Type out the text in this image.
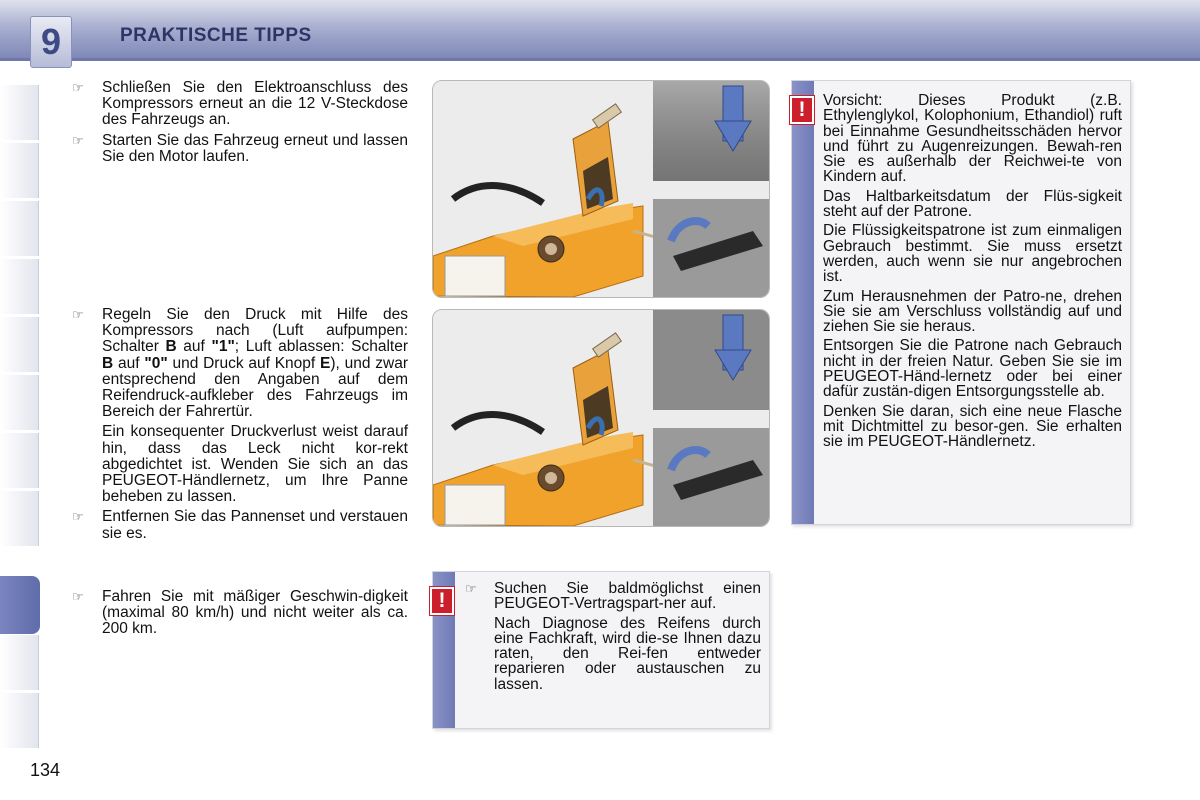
9	PRAKTISCHE TIPPS
☞ Schließen Sie den Elektroanschluss des Kompressors erneut an die 12 V-Steckdose des Fahrzeugs an.
☞ Starten Sie das Fahrzeug erneut und lassen Sie den Motor laufen.
☞ Regeln Sie den Druck mit Hilfe des Kompressors nach (Luft aufpumpen: Schalter B auf "1"; Luft ablassen: Schalter B auf "0" und Druck auf Knopf E), und zwar entsprechend den Angaben auf dem Reifendruck-aufkleber des Fahrzeugs im Bereich der Fahrertür.
Ein konsequenter Druckverlust weist darauf hin, dass das Leck nicht kor-rekt abgedichtet ist. Wenden Sie sich an das PEUGEOT-Händlernetz, um Ihre Panne beheben zu lassen.
☞ Entfernen Sie das Pannenset und verstauen sie es.
☞ Fahren Sie mit mäßiger Geschwin-digkeit (maximal 80 km/h) und nicht weiter als ca. 200 km.
!
☞ Suchen Sie baldmöglichst einen PEUGEOT-Vertragspart-ner auf.

Nach Diagnose des Reifens durch eine Fachkraft, wird die-se Ihnen dazu raten, den Rei-fen entweder reparieren oder austauschen zu lassen.

!	Vorsicht: Dieses Produkt (z.B. Ethylenglykol, Kolophonium, Ethandiol) ruft bei Einnahme Gesundheitsschäden hervor und führt zu Augenreizungen. Bewah-ren Sie es außerhalb der Reichwei-te von Kindern auf.

Das Haltbarkeitsdatum der Flüs-sigkeit steht auf der Patrone.

Die Flüssigkeitspatrone ist zum einmaligen Gebrauch bestimmt. Sie muss ersetzt werden, auch wenn sie nur angebrochen ist.

Zum Herausnehmen der Patro-ne, drehen Sie sie am Verschluss vollständig auf und ziehen Sie sie heraus.

Entsorgen Sie die Patrone nach Gebrauch nicht in der freien Natur. Geben Sie sie im PEUGEOT-Händ-lernetz oder bei einer dafür zustän-digen Entsorgungsstelle ab.

Denken Sie daran, sich eine neue Flasche mit Dichtmittel zu besor-gen. Sie erhalten sie im PEUGEOT-Händlernetz.

134
